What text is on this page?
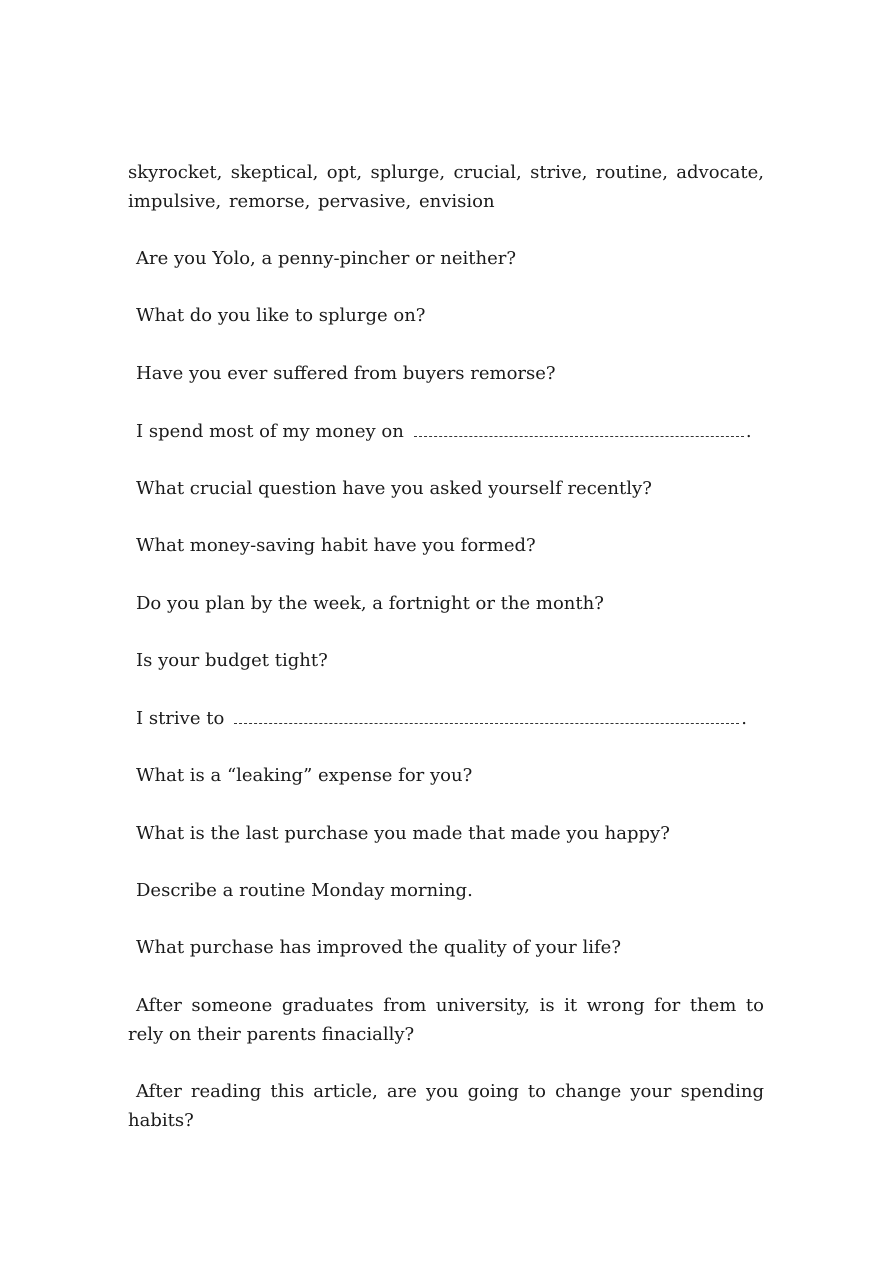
skyrocket, skeptical, opt, splurge, crucial, strive, routine, advocate, impulsive, remorse, pervasive, envision
Are you Yolo, a penny-pincher or neither?
What do you like to splurge on?
Have you ever suffered from buyers remorse?
I spend most of my money on	.
What crucial question have you asked yourself recently?
What money-saving habit have you formed?
Do you plan by the week, a fortnight or the month?
Is your budget tight?
I strive to	.
What is a “leaking” expense for you?
What is the last purchase you made that made you happy?
Describe a routine Monday morning.
What purchase has improved the quality of your life?
After someone graduates from university, is it wrong for them to rely on their parents finacially?
After reading this article, are you going to change your spending habits?
